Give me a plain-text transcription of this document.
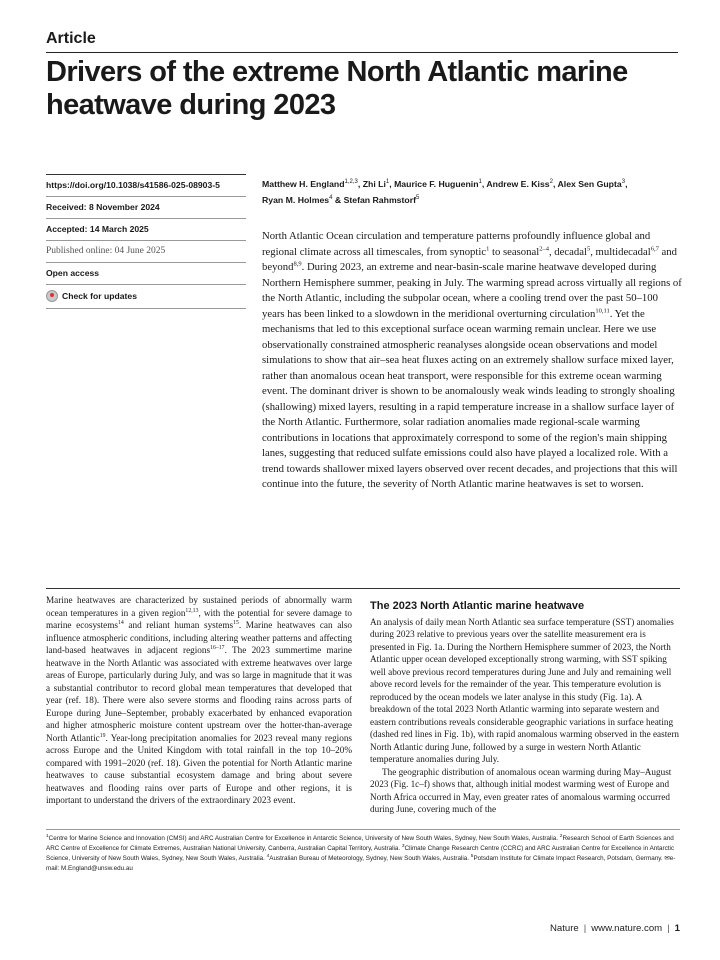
Article
Drivers of the extreme North Atlantic marine heatwave during 2023
https://doi.org/10.1038/s41586-025-08903-5
Received: 8 November 2024
Accepted: 14 March 2025
Published online: 04 June 2025
Open access
Check for updates
Matthew H. England$^{1,2,3}$, Zhi Li$^1$, Maurice F. Huguenin$^1$, Andrew E. Kiss$^2$, Alex Sen Gupta$^3$,
Ryan M. Holmes$^4$ & Stefan Rahmstorf$^5$
North Atlantic Ocean circulation and temperature patterns profoundly influence global and regional climate across all timescales, from synoptic$^1$ to seasonal$^{2-4}$, decadal$^5$, multidecadal$^{6,7}$ and beyond$^{8,9}$. During 2023, an extreme and near-basin-scale marine heatwave developed during Northern Hemisphere summer, peaking in July. The warming spread across virtually all regions of the North Atlantic, including the subpolar ocean, where a cooling trend over the past 50–100 years has been linked to a slowdown in the meridional overturning circulation$^{10,11}$. Yet the mechanisms that led to this exceptional surface ocean warming remain unclear. Here we use observationally constrained atmospheric reanalyses alongside ocean observations and model simulations to show that air–sea heat fluxes acting on an extremely shallow surface mixed layer, rather than anomalous ocean heat transport, were responsible for this extreme ocean warming event. The dominant driver is shown to be anomalously weak winds leading to strongly shoaling (shallowing) mixed layers, resulting in a rapid temperature increase in a shallow surface layer of the North Atlantic. Furthermore, solar radiation anomalies made regional-scale warming contributions in locations that approximately correspond to some of the region's main shipping lanes, suggesting that reduced sulfate emissions could also have played a localized role. With a trend towards shallower mixed layers observed over recent decades, and projections that this will continue into the future, the severity of North Atlantic marine heatwaves is set to worsen.
Marine heatwaves are characterized by sustained periods of abnormally warm ocean temperatures in a given region$^{12,13}$, with the potential for severe damage to marine ecosystems$^{14}$ and reliant human systems$^{15}$. Marine heatwaves can also influence atmospheric conditions, including altering weather patterns and affecting land-based heatwaves in adjacent regions$^{16-17}$. The 2023 summertime marine heatwave in the North Atlantic was associated with extreme heatwaves over large areas of Europe, particularly during July, and was so large in magnitude that it was a substantial contributor to record global mean temperatures that developed that year (ref. 18). There were also severe storms and flooding rains across parts of Europe during June–September, probably exacerbated by enhanced evaporation and higher atmospheric moisture content upstream over the hotter-than-average North Atlantic$^{19}$. Year-long precipitation anomalies for 2023 reveal many regions across Europe and the United Kingdom with total rainfall in the top 10–20% compared with 1991–2020 (ref. 18). Given the potential for North Atlantic marine heatwaves to cause substantial ecosystem damage and bring about severe heatwaves and flooding rains over parts of Europe and other regions, it is important to understand the drivers of the extraordinary 2023 event.
The 2023 North Atlantic marine heatwave

An analysis of daily mean North Atlantic sea surface temperature (SST) anomalies during 2023 relative to previous years over the satellite measurement era is presented in Fig. 1a. During the Northern Hemisphere summer of 2023, the North Atlantic upper ocean developed exceptionally strong warming, with SST spiking well above previous record temperatures during June and July and remaining well above record levels for the remainder of the year. This temperature evolution is reproduced by the ocean models we later analyse in this study (Fig. 1a). A breakdown of the total 2023 North Atlantic warming into separate western and eastern contributions reveals considerable geographic variations in surface heating (dashed red lines in Fig. 1b), with rapid anomalous warming observed in the eastern North Atlantic during June, followed by a surge in western North Atlantic temperature anomalies during July.

The geographic distribution of anomalous ocean warming during May–August 2023 (Fig. 1c–f) shows that, although initial modest warming west of Europe and North Africa occurred in May, even greater rates of anomalous warming occurred during June, covering much of the

$^1$Centre for Marine Science and Innovation (CMSI) and ARC Australian Centre for Excellence in Antarctic Science, University of New South Wales, Sydney, New South Wales, Australia. $^2$Research School of Earth Sciences and ARC Centre of Excellence for Climate Extremes, Australian National University, Canberra, Australian Capital Territory, Australia. $^3$Climate Change Research Centre (CCRC) and ARC Australian Centre for Excellence in Antarctic Science, University of New South Wales, Sydney, New South Wales, Australia. $^4$Australian Bureau of Meteorology, Sydney, New South Wales, Australia. $^5$Potsdam Institute for Climate Impact Research, Potsdam, Germany. ✉e-mail: M.England@unsw.edu.au
Nature | www.nature.com | 1
